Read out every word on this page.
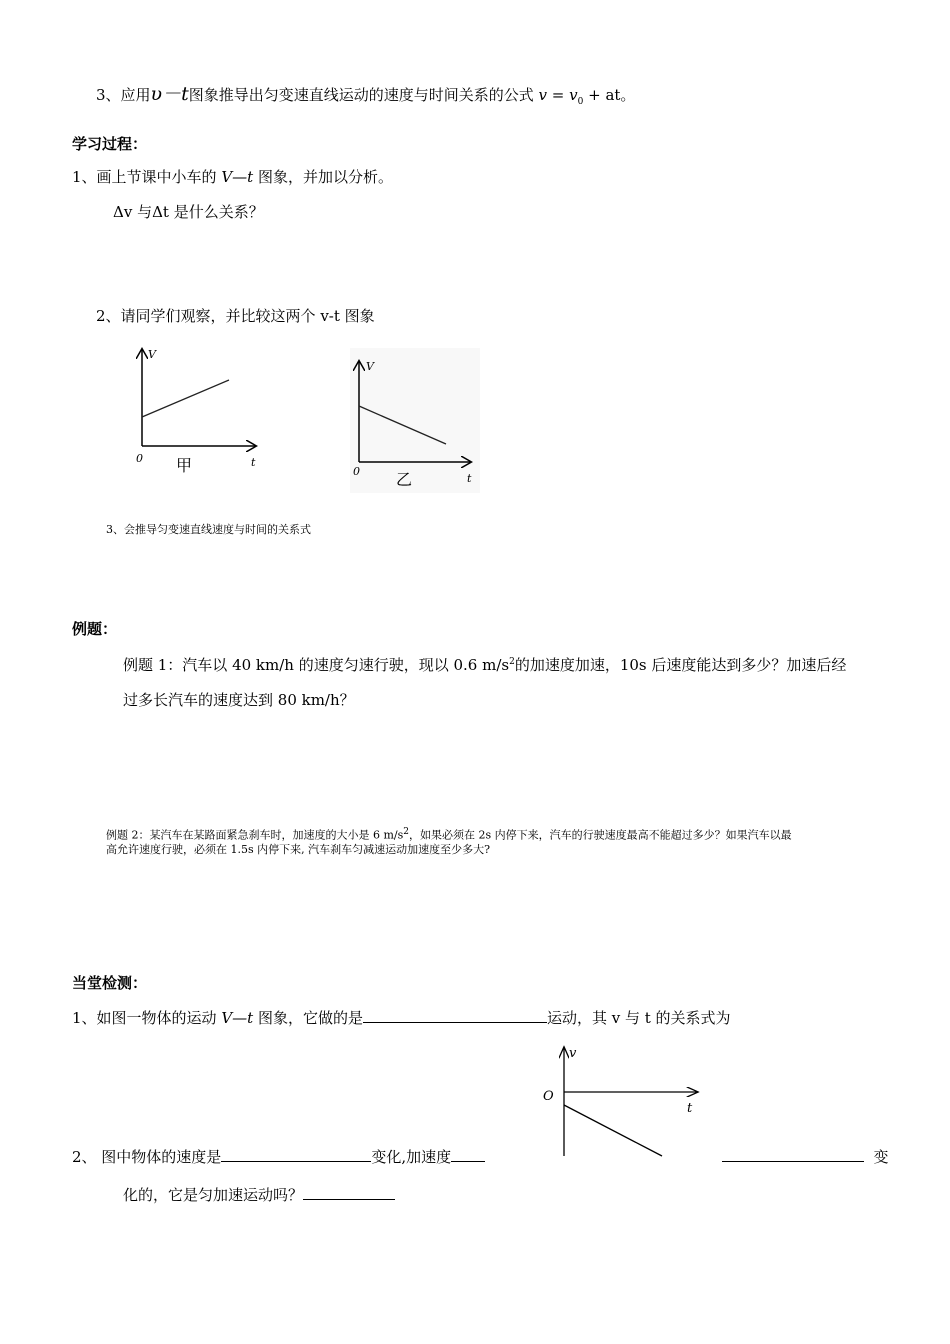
3、应用υ－t图象推导出匀变速直线运动的速度与时间关系的公式 $v = v_0$ + at。
学习过程：
1、画上节课中小车的 V—t 图象，并加以分析。
Δv 与Δt 是什么关系？
2、请同学们观察，并比较这两个 v-t 图象
V
0 甲	t
V
0 乙	t
3、会推导匀变速直线速度与时间的关系式
例题：
例题 1：汽车以 40 km/h 的速度匀速行驶，现以 0.6 $m/s^2$的加速度加速，10s 后速度能达到多少？加速后经
过多长汽车的速度达到 80 km/h？
例题 2：某汽车在某路面紧急刹车时，加速度的大小是 6 $m/s^2$，如果必须在 2s 内停下来，汽车的行驶速度最高不能超过多少？如果汽车以最
高允许速度行驶，必须在 1.5s 内停下来, 汽车刹车匀减速运动加速度至少多大?
当堂检测：
1、如图一物体的运动 V—t 图象，它做的是	运动，其 v 与 t 的关系式为
v
O
t
2、 图中物体的速度是	变化,加速度	变
化的，它是匀加速运动吗？
